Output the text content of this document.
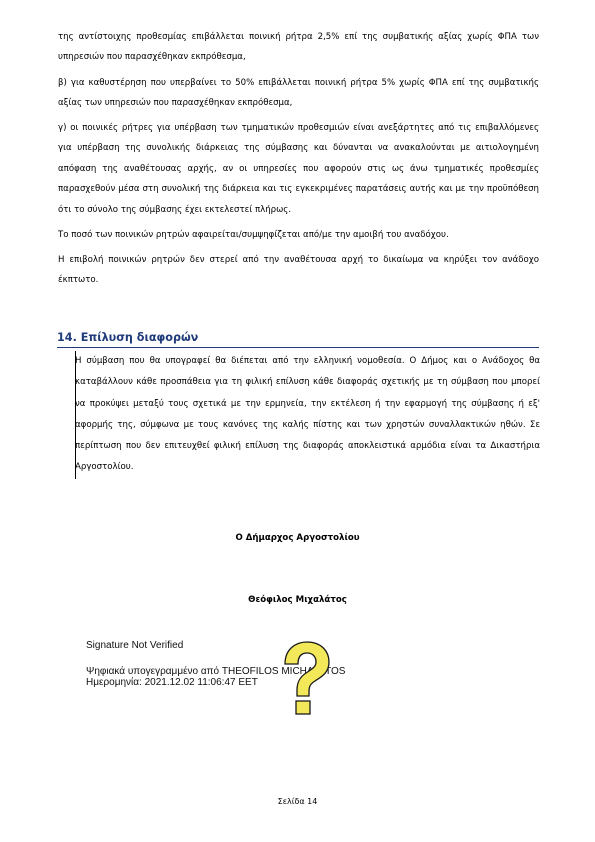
της αντίστοιχης προθεσμίας επιβάλλεται ποινική ρήτρα 2,5% επί της συμβατικής αξίας χωρίς ΦΠΑ των υπηρεσιών που παρασχέθηκαν εκπρόθεσμα,

β) για καθυστέρηση που υπερβαίνει το 50% επιβάλλεται ποινική ρήτρα 5% χωρίς ΦΠΑ επί της συμβατικής αξίας των υπηρεσιών που παρασχέθηκαν εκπρόθεσμα,

γ) οι ποινικές ρήτρες για υπέρβαση των τμηματικών προθεσμιών είναι ανεξάρτητες από τις επιβαλλόμενες για υπέρβαση της συνολικής διάρκειας της σύμβασης και δύνανται να ανακαλούνται με αιτιολογημένη απόφαση της αναθέτουσας αρχής, αν οι υπηρεσίες που αφορούν στις ως άνω τμηματικές προθεσμίες παρασχεθούν μέσα στη συνολική της διάρκεια και τις εγκεκριμένες παρατάσεις αυτής και με την προϋπόθεση ότι το σύνολο της σύμβασης έχει εκτελεστεί πλήρως.

Το ποσό των ποινικών ρητρών αφαιρείται/συμψηφίζεται από/με την αμοιβή του αναδόχου.

Η επιβολή ποινικών ρητρών δεν στερεί από την αναθέτουσα αρχή το δικαίωμα να κηρύξει τον ανάδοχο έκπτωτο.

14. Επίλυση διαφορών

Η σύμβαση που θα υπογραφεί θα διέπεται από την ελληνική νομοθεσία. Ο Δήμος και ο Ανάδοχος θα καταβάλλουν κάθε προσπάθεια για τη φιλική επίλυση κάθε διαφοράς σχετικής με τη σύμβαση που μπορεί να προκύψει μεταξύ τους σχετικά με την ερμηνεία, την εκτέλεση ή την εφαρμογή της σύμβασης ή εξ' αφορμής της, σύμφωνα με τους κανόνες της καλής πίστης και των χρηστών συναλλακτικών ηθών. Σε περίπτωση που δεν επιτευχθεί φιλική επίλυση της διαφοράς αποκλειστικά αρμόδια είναι τα Δικαστήρια Αργοστολίου.

Ο Δήμαρχος Αργοστολίου
Θεόφιλος Μιχαλάτος
Signature Not Verified
Ψηφιακά υπογεγραμμένο από THEOFILOS MICHALATOS
Ημερομηνία: 2021.12.02 11:06:47 EET
Σελίδα 14
